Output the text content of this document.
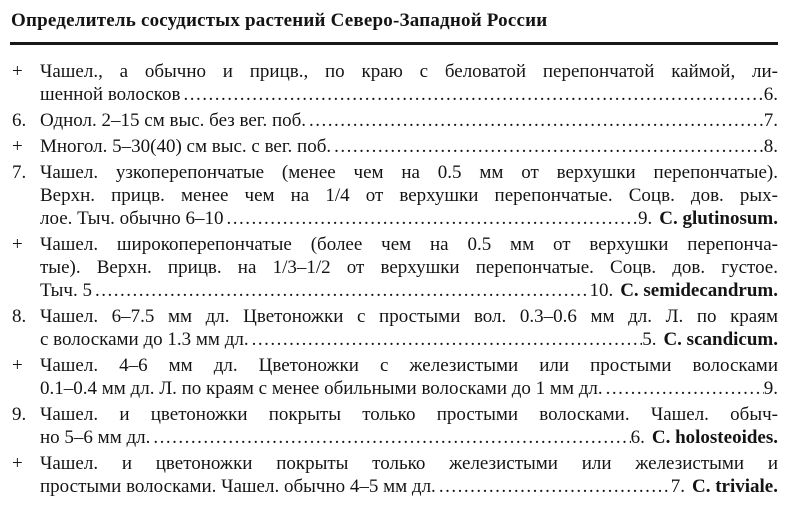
Определитель сосудистых растений Северо-Западной России
+ Чашел., а обычно и прицв., по краю с беловатой перепончатой каймой, ли-
шенной волосков .....	6.
6. Однол. 2–15 см выс. без вег. поб. .....	7.
+ Многол. 5–30(40) см выс. с вег. поб. .....	8.
7. Чашел. узкоперепончатые (менее чем на 0.5 мм от верхушки перепончатые).
Верхн. прицв. менее чем на 1/4 от верхушки перепончатые. Соцв. дов. рых-
лое. Тыч. обычно 6–10 .....	9. C. glutinosum.
+ Чашел. широкоперепончатые (более чем на 0.5 мм от верхушки перепонча-
тые). Верхн. прицв. на 1/3–1/2 от верхушки перепончатые. Соцв. дов. густое.
Тыч. 5 .....	10. C. semidecandrum.
8. Чашел. 6–7.5 мм дл. Цветоножки с простыми вол. 0.3–0.6 мм дл. Л. по краям
с волосками до 1.3 мм дл. .....	5. C. scandicum.
+ Чашел. 4–6 мм дл. Цветоножки с железистыми или простыми волосками
0.1–0.4 мм дл. Л. по краям с менее обильными волосками до 1 мм дл. .....	9.
9. Чашел. и цветоножки покрыты только простыми волосками. Чашел. обыч-
но 5–6 мм дл. .....	6. C. holosteoides.
+ Чашел. и цветоножки покрыты только железистыми или железистыми и
простыми волосками. Чашел. обычно 4–5 мм дл. .....	7. C. triviale.
